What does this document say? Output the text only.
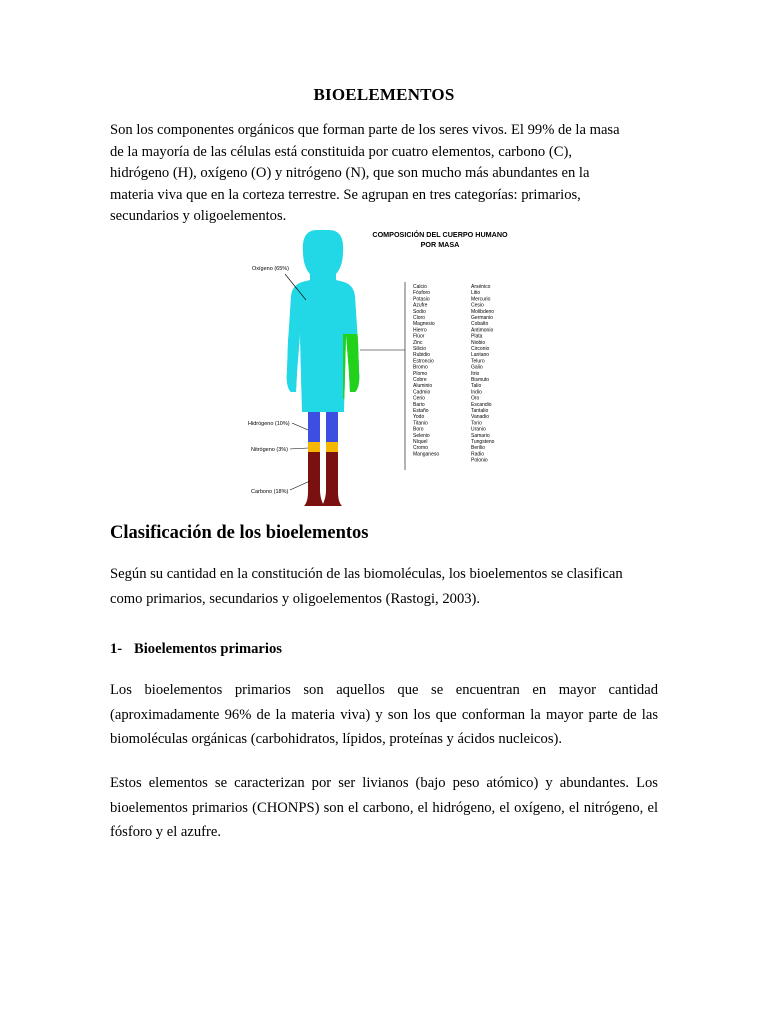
BIOELEMENTOS

Son los componentes orgánicos que forman parte de los seres vivos. El 99% de la masa de la mayoría de las células está constituida por cuatro elementos, carbono (C), hidrógeno (H), oxígeno (O) y nitrógeno (N), que son mucho más abundantes en la materia viva que en la corteza terrestre. Se agrupan en tres categorías: primarios, secundarios y oligoelementos.

COMPOSICIÓN DEL CUERPO HUMANO
POR MASA
Oxígeno (65%)
Hidrógeno (10%)
Nitrógeno (3%)
Carbono (18%)
Calcio
Fósforo
Potasio
Azufre
Sodio
Cloro
Magnesio
Hierro
Flúor
Zinc
Silicio
Rubidio
Estroncio
Bromo
Plomo
Cobre
Aluminio
Cadmio
Cerio
Bario
Estaño
Yodo
Titanio
Boro
Selenio
Níquel
Cromo
Manganeso
Arsénico
Litio
Mercurio
Cesio
Molibdeno
Germanio
Cobalto
Antimonio
Plata
Niobio
Circonio
Lantano
Teluro
Galio
Itrio
Bismuto
Talio
Indio
Oro
Escandio
Tantalio
Vanadio
Torio
Uranio
Samario
Tungsteno
Berilio
Radio
Polonio
Clasificación de los bioelementos

Según su cantidad en la constitución de las biomoléculas, los bioelementos se clasifican como primarios, secundarios y oligoelementos (Rastogi, 2003).

1- Bioelementos primarios

Los bioelementos primarios son aquellos que se encuentran en mayor cantidad (aproximadamente 96% de la materia viva) y son los que conforman la mayor parte de las biomoléculas orgánicas (carbohidratos, lípidos, proteínas y ácidos nucleicos).

Estos elementos se caracterizan por ser livianos (bajo peso atómico) y abundantes. Los bioelementos primarios (CHONPS) son el carbono, el hidrógeno, el oxígeno, el nitrógeno, el fósforo y el azufre.
